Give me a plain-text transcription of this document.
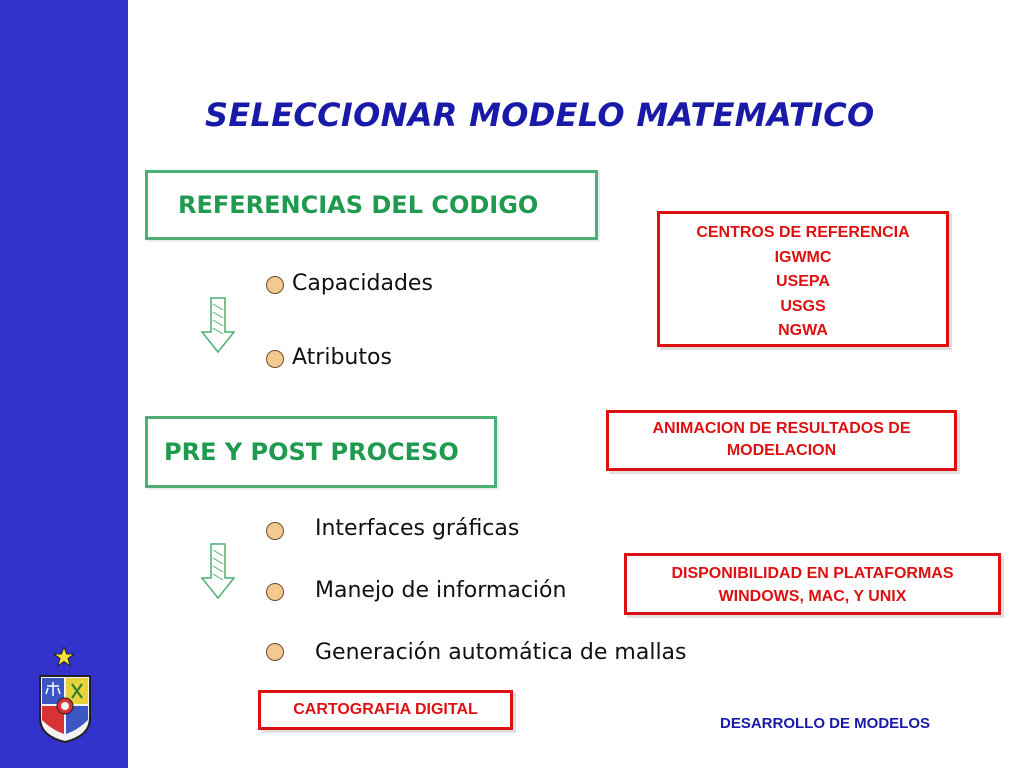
SELECCIONAR MODELO MATEMATICO
REFERENCIAS DEL CODIGO
Capacidades
Atributos
PRE Y POST PROCESO
Interfaces gráficas
Manejo de información
Generación automática de mallas
CENTROS DE REFERENCIA
IGWMC
USEPA
USGS
NGWA
ANIMACION DE RESULTADOS DE
MODELACION
DISPONIBILIDAD EN PLATAFORMAS
WINDOWS, MAC, Y UNIX
CARTOGRAFIA DIGITAL
DESARROLLO DE MODELOS
